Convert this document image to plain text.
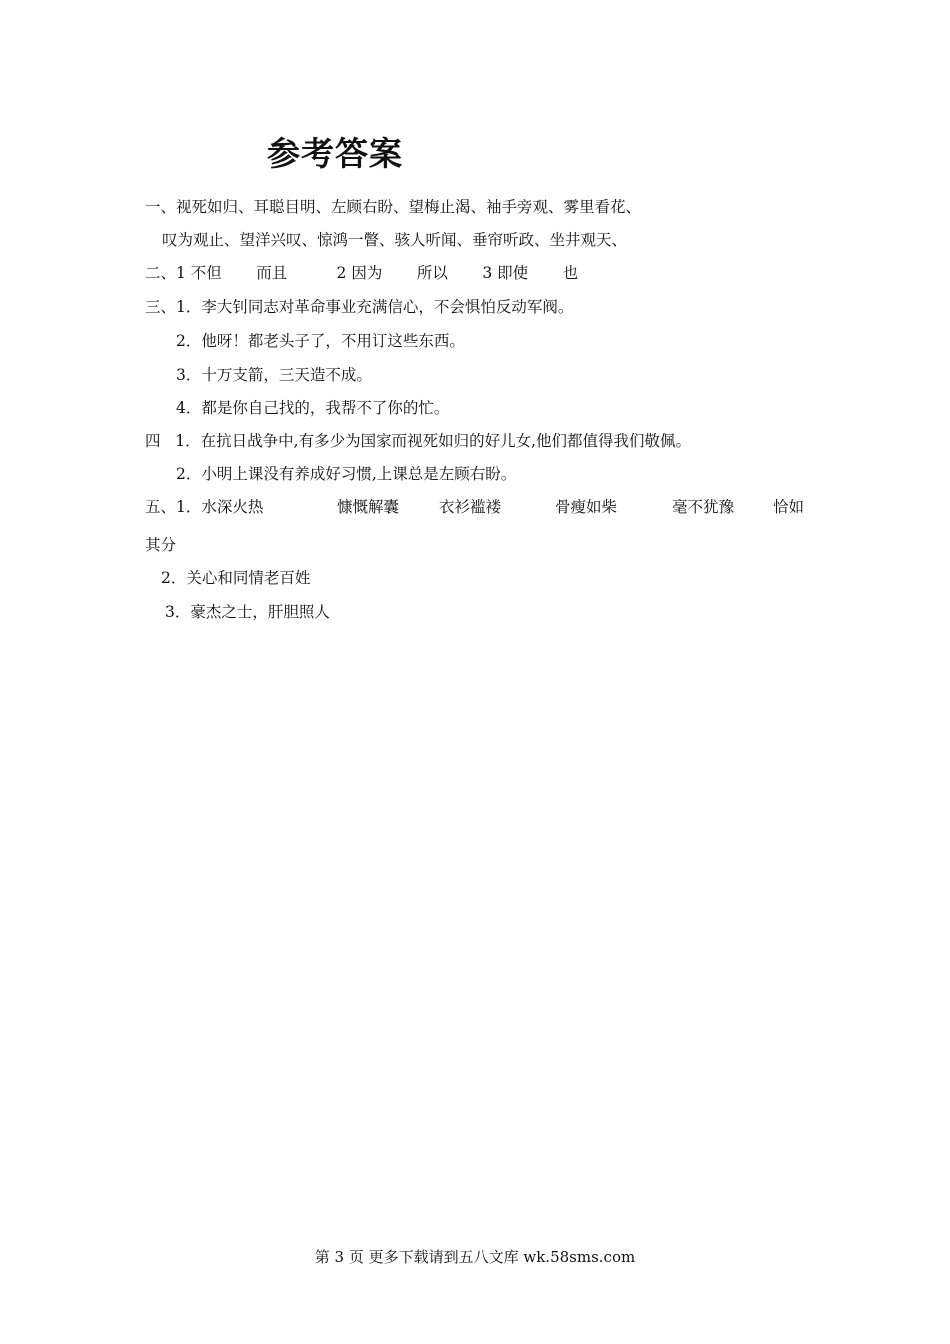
参考答案
一、视死如归、耳聪目明、左顾右盼、望梅止渴、袖手旁观、雾里看花、
叹为观止、望洋兴叹、惊鸿一瞥、骇人听闻、垂帘听政、坐井观天、
二、1 不但       而且          2 因为       所以       3 即使       也
三、1．李大钊同志对革命事业充满信心，不会惧怕反动军阀。
2．他呀！都老头子了，不用订这些东西。
3．十万支箭，三天造不成。
4．都是你自己找的，我帮不了你的忙。
四   1．在抗日战争中,有多少为国家而视死如归的好儿女,他们都值得我们敬佩。
2．小明上课没有养成好习惯,上课总是左顾右盼。
五、1．水深火热	慷慨解囊	衣衫褴褛	骨瘦如柴	毫不犹豫	恰如
其分
2．关心和同情老百姓
3．豪杰之士，肝胆照人
第 3 页 更多下载请到五八文库 wk.58sms.com
